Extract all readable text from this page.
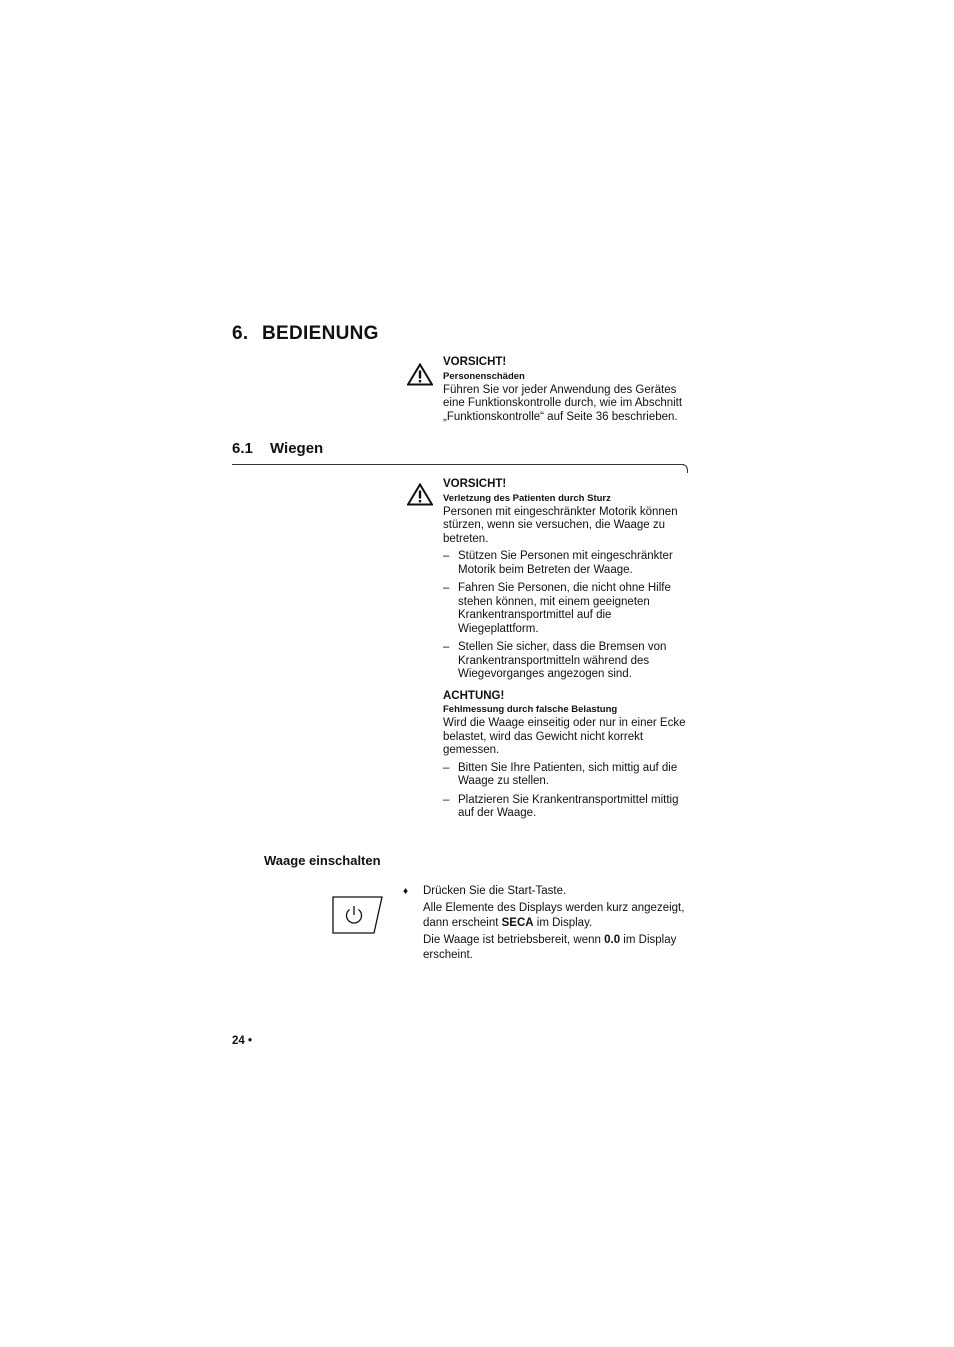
6. BEDIENUNG
VORSICHT!
Personenschäden

Führen Sie vor jeder Anwendung des Gerätes eine Funktionskontrolle durch, wie im Abschnitt „Funktionskontrolle“ auf Seite 36 beschrieben.

6.1 Wiegen
VORSICHT!
Verletzung des Patienten durch Sturz

Personen mit eingeschränkter Motorik können stürzen, wenn sie versuchen, die Waage zu betreten.

– Stützen Sie Personen mit eingeschränkter Motorik beim Betreten der Waage.
– Fahren Sie Personen, die nicht ohne Hilfe stehen können, mit einem geeigneten Krankentransportmittel auf die Wiegeplattform.
– Stellen Sie sicher, dass die Bremsen von Krankentransportmitteln während des Wiegevorganges angezogen sind.
ACHTUNG!
Fehlmessung durch falsche Belastung

Wird die Waage einseitig oder nur in einer Ecke belastet, wird das Gewicht nicht korrekt gemessen.

– Bitten Sie Ihre Patienten, sich mittig auf die Waage zu stellen.
– Platzieren Sie Krankentransportmittel mittig auf der Waage.
Waage einschalten
♦ Drücken Sie die Start-Taste.
Alle Elemente des Displays werden kurz angezeigt, dann erscheint SECA im Display.
Die Waage ist betriebsbereit, wenn 0.0 im Display erscheint.
24 •
